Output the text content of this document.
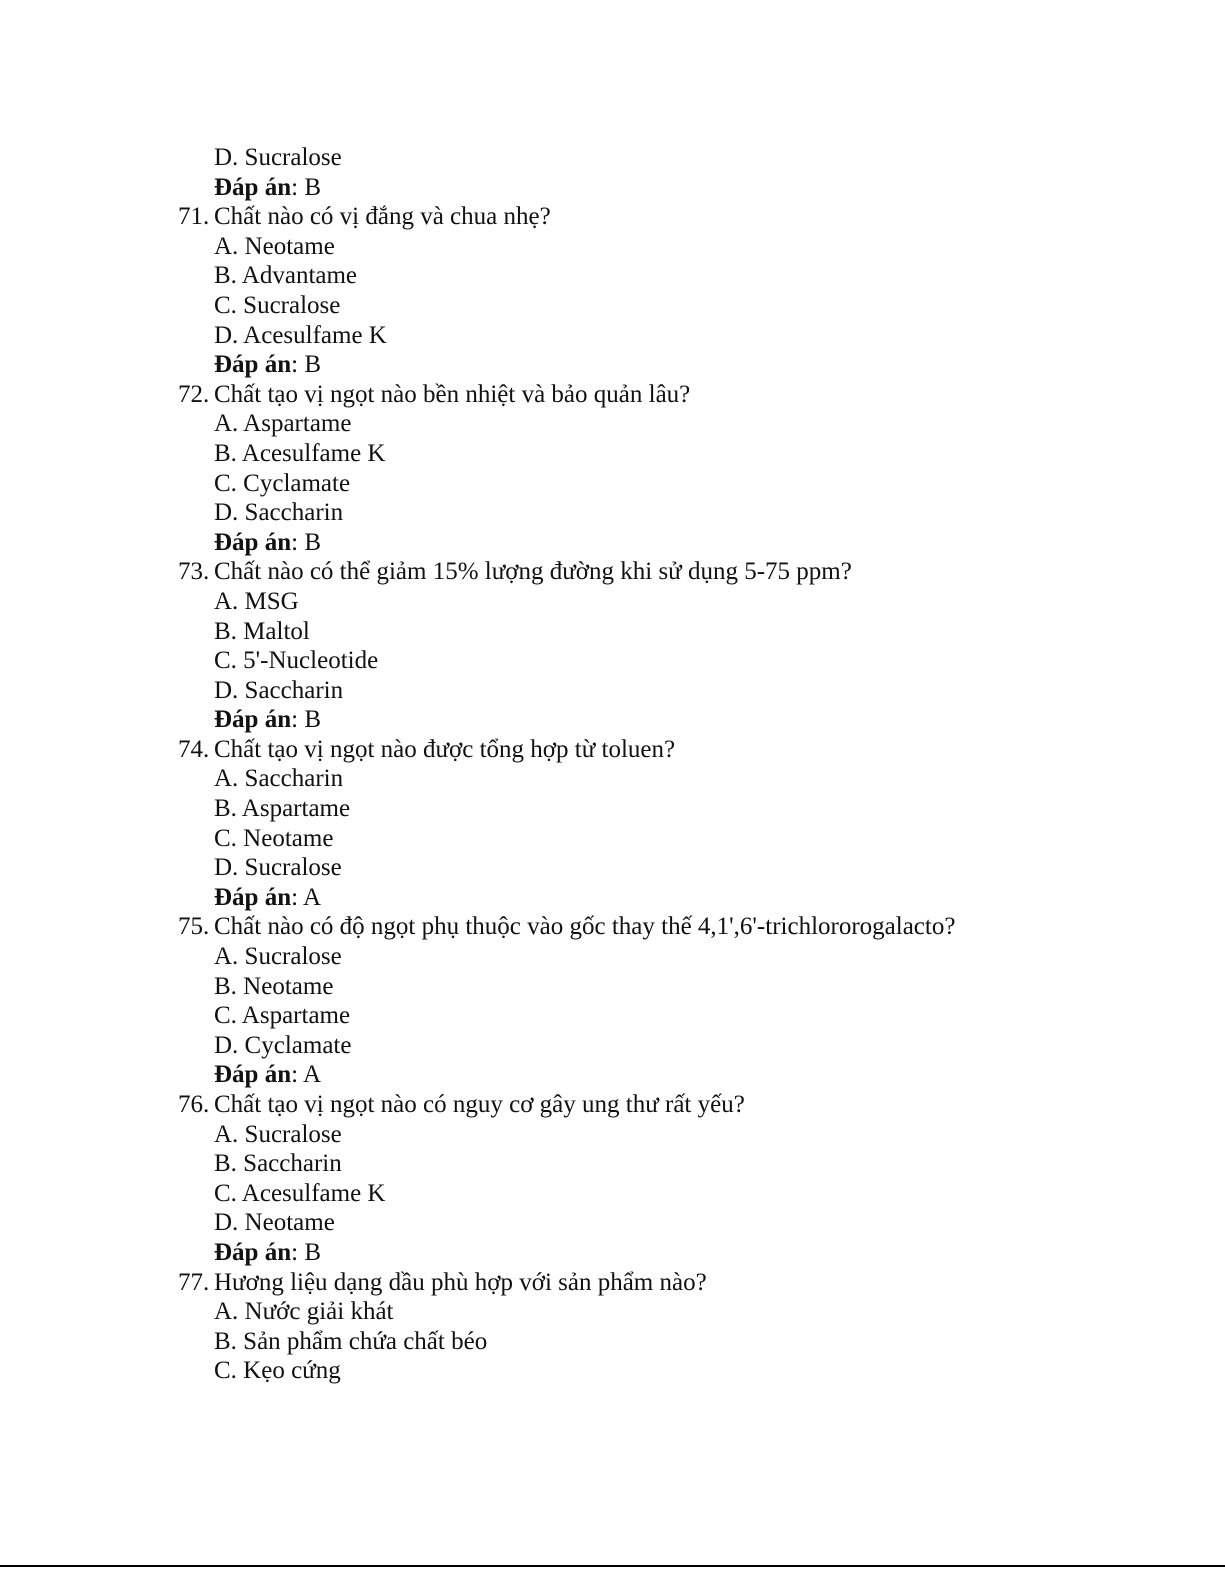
D. Sucralose
Đáp án: B
71. Chất nào có vị đắng và chua nhẹ?
A. Neotame
B. Advantame
C. Sucralose
D. Acesulfame K
Đáp án: B
72. Chất tạo vị ngọt nào bền nhiệt và bảo quản lâu?
A. Aspartame
B. Acesulfame K
C. Cyclamate
D. Saccharin
Đáp án: B
73. Chất nào có thể giảm 15% lượng đường khi sử dụng 5-75 ppm?
A. MSG
B. Maltol
C. 5'-Nucleotide
D. Saccharin
Đáp án: B
74. Chất tạo vị ngọt nào được tổng hợp từ toluen?
A. Saccharin
B. Aspartame
C. Neotame
D. Sucralose
Đáp án: A
75. Chất nào có độ ngọt phụ thuộc vào gốc thay thế 4,1',6'-trichlororogalacto?
A. Sucralose
B. Neotame
C. Aspartame
D. Cyclamate
Đáp án: A
76. Chất tạo vị ngọt nào có nguy cơ gây ung thư rất yếu?
A. Sucralose
B. Saccharin
C. Acesulfame K
D. Neotame
Đáp án: B
77. Hương liệu dạng dầu phù hợp với sản phẩm nào?
A. Nước giải khát
B. Sản phẩm chứa chất béo
C. Kẹo cứng
